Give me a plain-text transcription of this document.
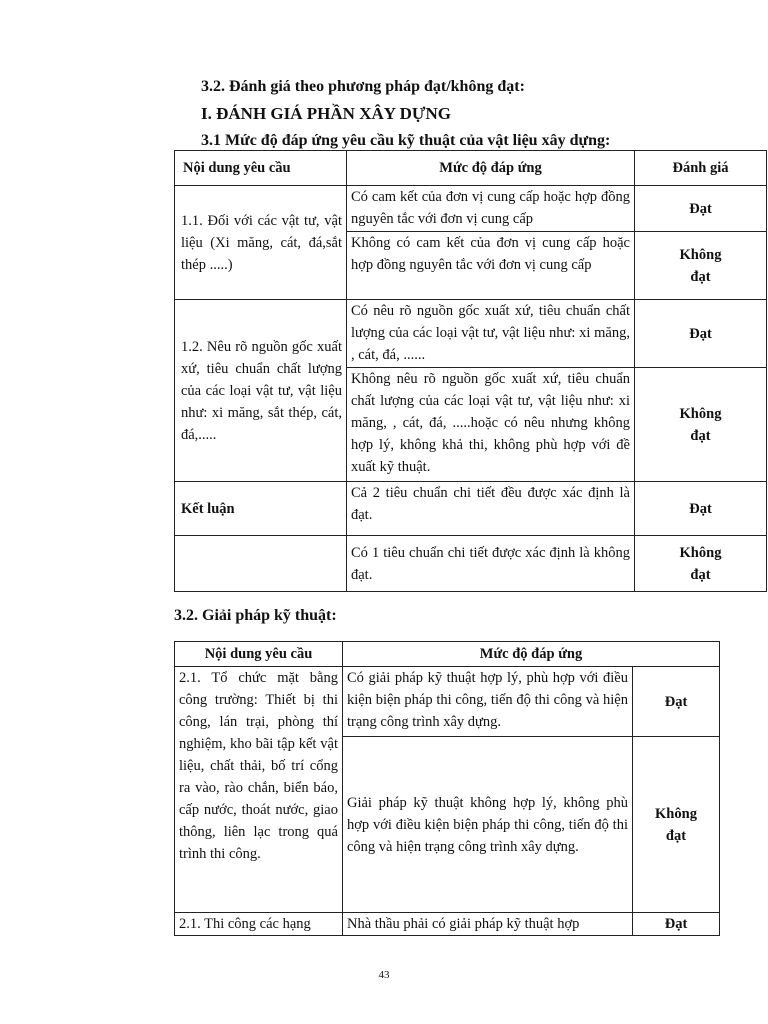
3.2. Đánh giá theo phương pháp đạt/không đạt:
I. ĐÁNH GIÁ PHẦN XÂY DỰNG
3.1 Mức độ đáp ứng yêu cầu kỹ thuật của vật liệu xây dựng:
Nội dung yêu cầu	Mức độ đáp ứng	Đánh giá
1.1. Đối với các vật tư, vật liệu (Xi măng, cát, đá,sắt thép .....)	Có cam kết của đơn vị cung cấp hoặc hợp đồng nguyên tắc với đơn vị cung cấp	Đạt
	Không có cam kết của đơn vị cung cấp hoặc hợp đồng nguyên tắc với đơn vị cung cấp	Không đạt
1.2. Nêu rõ nguồn gốc xuất xứ, tiêu chuẩn chất lượng của các loại vật tư, vật liệu như: xi măng, sắt thép, cát, đá,.....	Có nêu rõ nguồn gốc xuất xứ, tiêu chuẩn chất lượng của các loại vật tư, vật liệu như: xi măng, , cát, đá, ......	Đạt
	Không nêu rõ nguồn gốc xuất xứ, tiêu chuẩn chất lượng của các loại vật tư, vật liệu như: xi măng, , cát, đá, .....hoặc có nêu nhưng không hợp lý, không khả thi, không phù hợp với đề xuất kỹ thuật.	Không đạt
Kết luận	Cả 2 tiêu chuẩn chi tiết đều được xác định là đạt.	Đạt
	Có 1 tiêu chuẩn chi tiết được xác định là không đạt.	Không đạt
3.2. Giải pháp kỹ thuật:
Nội dung yêu cầu	Mức độ đáp ứng	
2.1. Tổ chức mặt bằng công trường: Thiết bị thi công, lán trại, phòng thí nghiệm, kho bãi tập kết vật liệu, chất thải, bố trí cổng ra vào, rào chắn, biển báo, cấp nước, thoát nước, giao thông, liên lạc trong quá trình thi công.	Có giải pháp kỹ thuật hợp lý, phù hợp với điều kiện biện pháp thi công, tiến độ thi công và hiện trạng công trình xây dựng.	Đạt
	Giải pháp kỹ thuật không hợp lý, không phù hợp với điều kiện biện pháp thi công, tiến độ thi công và hiện trạng công trình xây dựng.	Không đạt
2.1. Thi công các hạng	Nhà thầu phải có giải pháp kỹ thuật hợp	Đạt
43
